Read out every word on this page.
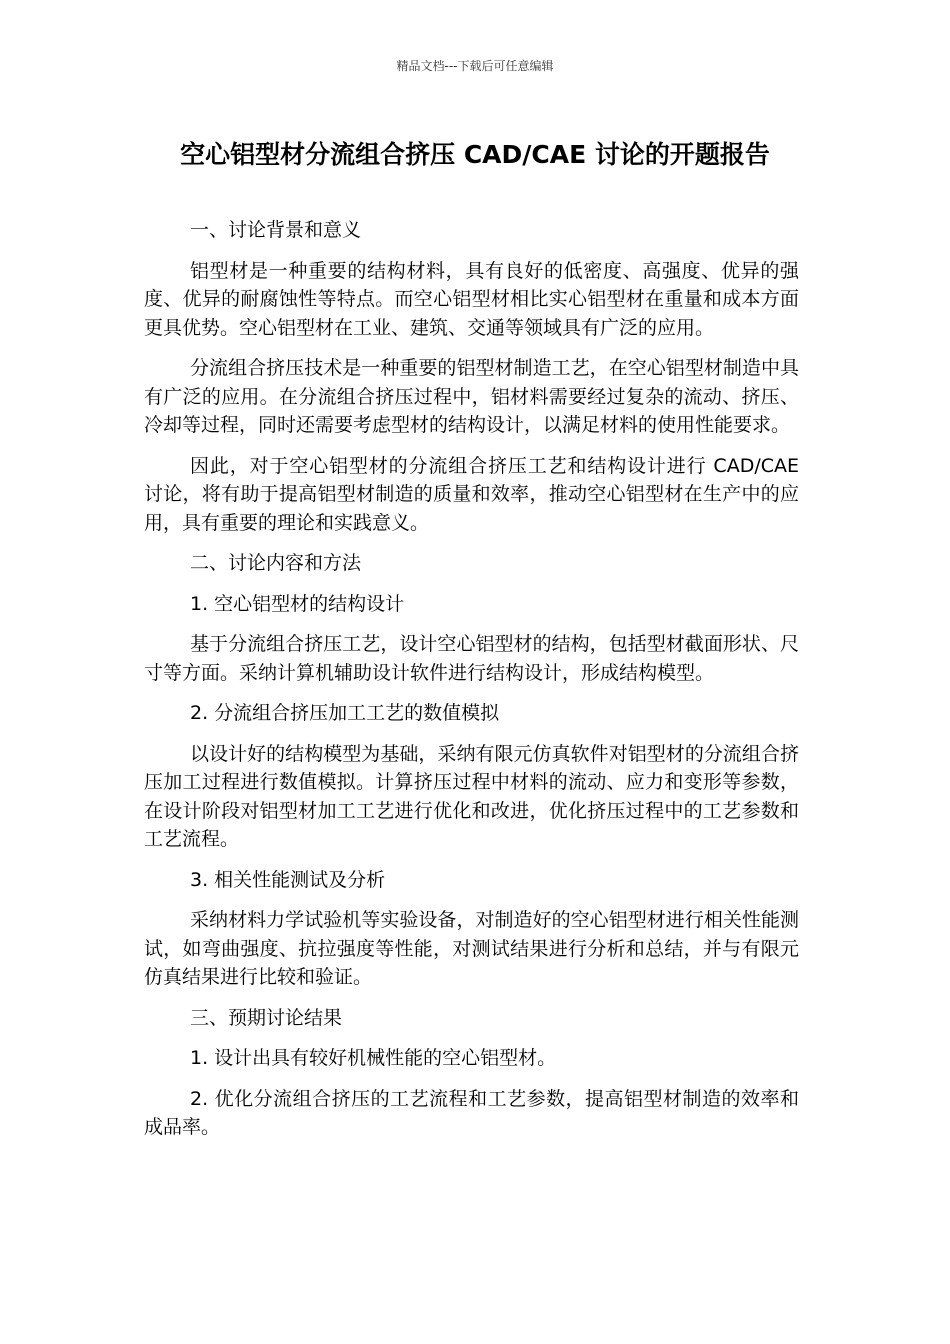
精品文档---下载后可任意编辑
空心铝型材分流组合挤压 CAD/CAE 讨论的开题报告

一、讨论背景和意义

铝型材是一种重要的结构材料，具有良好的低密度、高强度、优异的强度、优异的耐腐蚀性等特点。而空心铝型材相比实心铝型材在重量和成本方面更具优势。空心铝型材在工业、建筑、交通等领域具有广泛的应用。

分流组合挤压技术是一种重要的铝型材制造工艺，在空心铝型材制造中具有广泛的应用。在分流组合挤压过程中，铝材料需要经过复杂的流动、挤压、冷却等过程，同时还需要考虑型材的结构设计，以满足材料的使用性能要求。

因此，对于空心铝型材的分流组合挤压工艺和结构设计进行 CAD/CAE 讨论，将有助于提高铝型材制造的质量和效率，推动空心铝型材在生产中的应用，具有重要的理论和实践意义。

二、讨论内容和方法

1. 空心铝型材的结构设计

基于分流组合挤压工艺，设计空心铝型材的结构，包括型材截面形状、尺寸等方面。采纳计算机辅助设计软件进行结构设计，形成结构模型。

2. 分流组合挤压加工工艺的数值模拟

以设计好的结构模型为基础，采纳有限元仿真软件对铝型材的分流组合挤压加工过程进行数值模拟。计算挤压过程中材料的流动、应力和变形等参数，在设计阶段对铝型材加工工艺进行优化和改进，优化挤压过程中的工艺参数和工艺流程。

3. 相关性能测试及分析

采纳材料力学试验机等实验设备，对制造好的空心铝型材进行相关性能测试，如弯曲强度、抗拉强度等性能，对测试结果进行分析和总结，并与有限元仿真结果进行比较和验证。

三、预期讨论结果

1. 设计出具有较好机械性能的空心铝型材。

2. 优化分流组合挤压的工艺流程和工艺参数，提高铝型材制造的效率和成品率。
